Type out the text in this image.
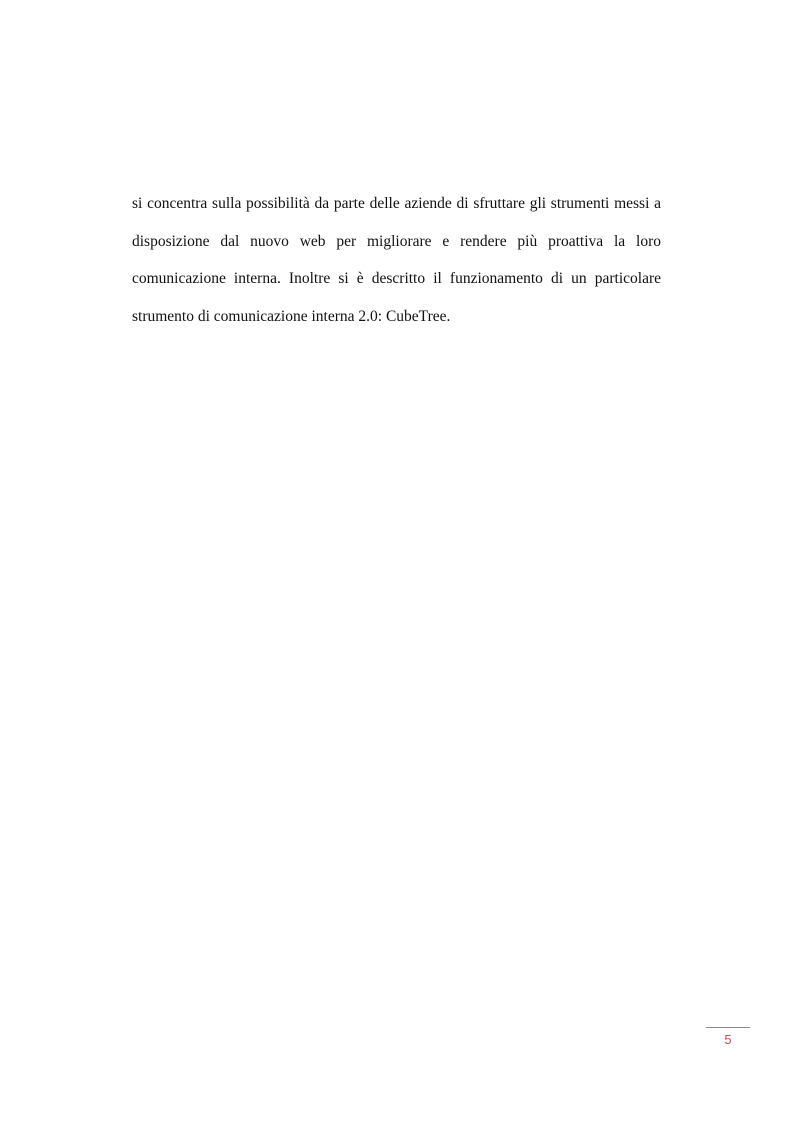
si concentra sulla possibilità da parte delle aziende di sfruttare gli strumenti messi a disposizione dal nuovo web per migliorare e rendere più proattiva la loro comunicazione interna. Inoltre si è descritto il funzionamento di un particolare strumento di comunicazione interna 2.0: CubeTree.

5
